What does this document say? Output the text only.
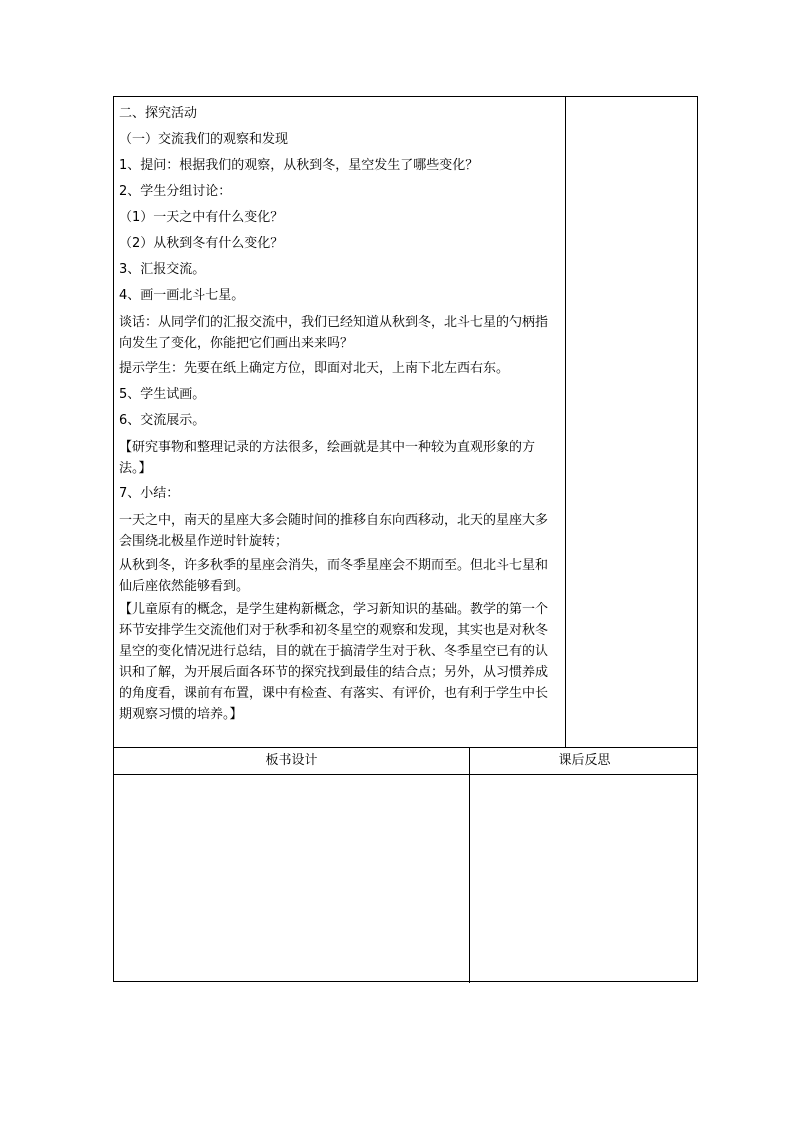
二、探究活动

（一）交流我们的观察和发现

1、提问：根据我们的观察，从秋到冬，星空发生了哪些变化？

2、学生分组讨论：

（1）一天之中有什么变化？

（2）从秋到冬有什么变化？

3、汇报交流。

4、画一画北斗七星。

谈话：从同学们的汇报交流中，我们已经知道从秋到冬，北斗七星的勺柄指向发生了变化，你能把它们画出来来吗？

提示学生：先要在纸上确定方位，即面对北天，上南下北左西右东。

5、学生试画。

6、交流展示。

【研究事物和整理记录的方法很多，绘画就是其中一种较为直观形象的方法。】

7、小结：

一天之中，南天的星座大多会随时间的推移自东向西移动，北天的星座大多会围绕北极星作逆时针旋转；

从秋到冬，许多秋季的星座会消失，而冬季星座会不期而至。但北斗七星和仙后座依然能够看到。

【儿童原有的概念，是学生建构新概念，学习新知识的基础。教学的第一个环节安排学生交流他们对于秋季和初冬星空的观察和发现，其实也是对秋冬星空的变化情况进行总结，目的就在于搞清学生对于秋、冬季星空已有的认识和了解，为开展后面各环节的探究找到最佳的结合点；另外，从习惯养成的角度看，课前有布置，课中有检查、有落实、有评价，也有利于学生中长期观察习惯的培养。】

板书设计	课后反思
